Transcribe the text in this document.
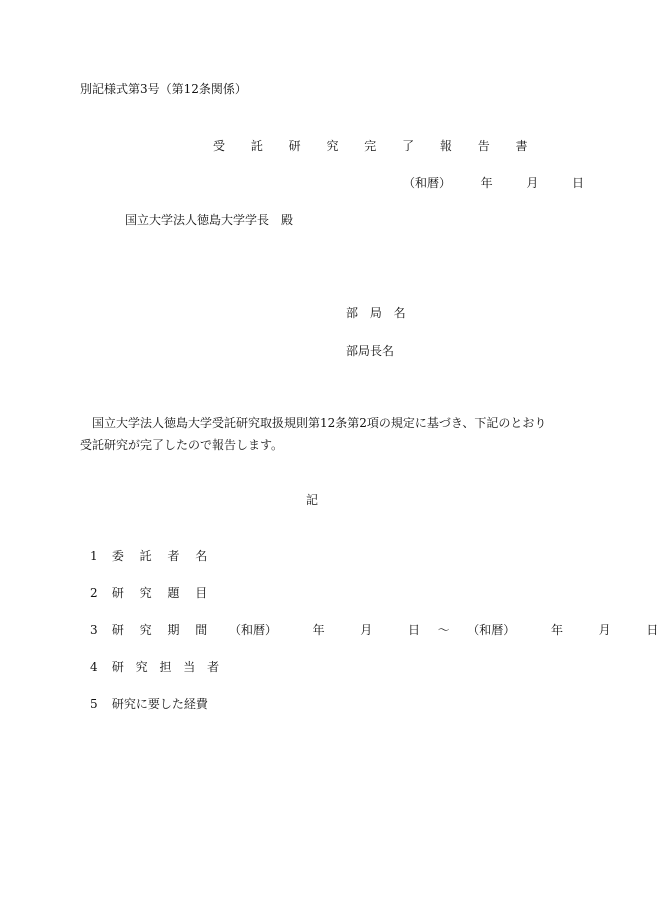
別記様式第3号（第12条関係）
受 託 研 究 完 了 報 告 書
（和暦） 年	月	日
国立大学法人徳島大学学長　殿
部 局 名
部局長名
国立大学法人徳島大学受託研究取扱規則第12条第2項の規定に基づき、下記のとおり受託研究が完了したので報告します。
記
1 委 託 者 名
2 研 究 題 目
3 研 究 期 間 （和暦）	年	月	日 ～ （和暦）	年	月	日
4 研 究 担 当 者
5 研究に要した経費
